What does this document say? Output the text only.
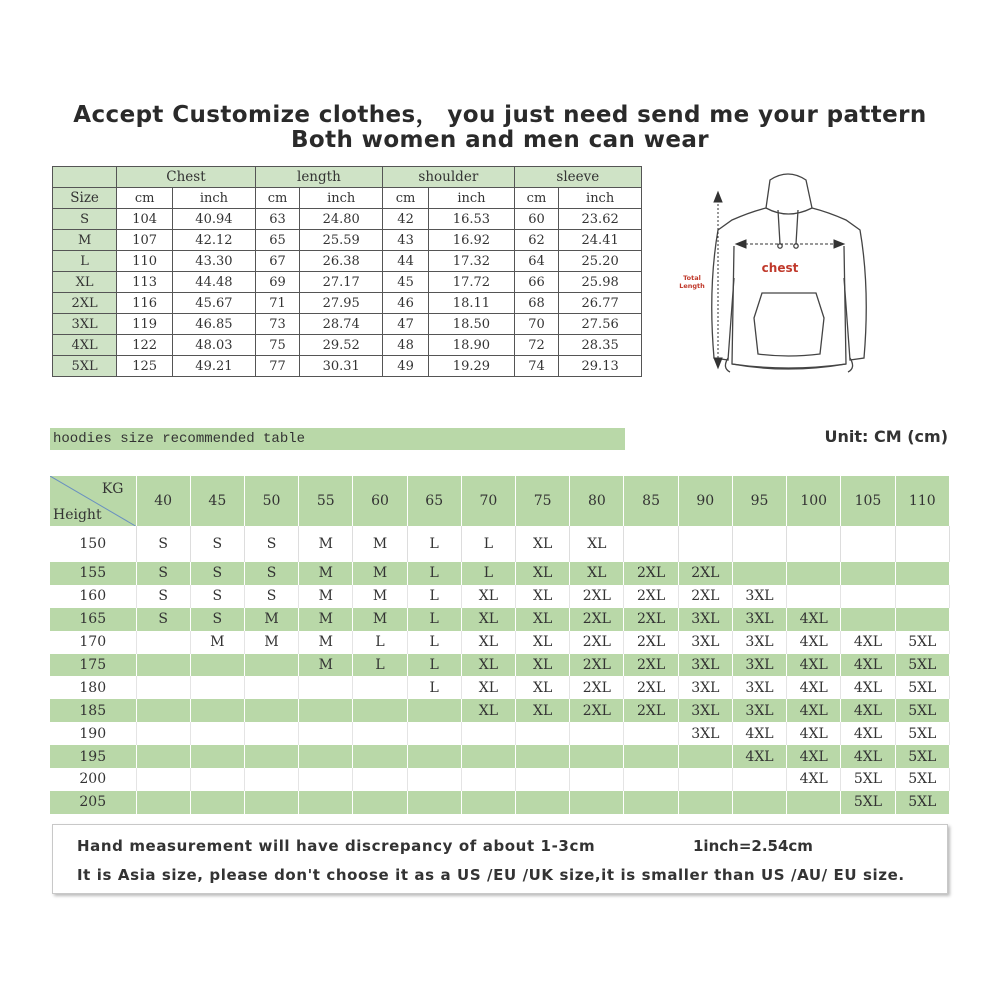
Accept Customize clothes， you just need send me your pattern
Both women and men can wear
	Chest		length		shoulder		sleeve	
Size	cm	inch	cm	inch	cm	inch	cm	inch
S	104	40.94	63	24.80	42	16.53	60	23.62
M	107	42.12	65	25.59	43	16.92	62	24.41
L	110	43.30	67	26.38	44	17.32	64	25.20
XL	113	44.48	69	27.17	45	17.72	66	25.98
2XL	116	45.67	71	27.95	46	18.11	68	26.77
3XL	119	46.85	73	28.74	47	18.50	70	27.56
4XL	122	48.03	75	29.52	48	18.90	72	28.35
5XL	125	49.21	77	30.31	49	19.29	74	29.13
chest
Total
Length
hoodies size recommended table	Unit: CM (cm)
KG
Height	40	45	50	55	60	65	70	75	80	85	90	95	100	105	110
150	S	S	S	M	M	L	L	XL	XL						
155	S	S	S	M	M	L	L	XL	XL	2XL	2XL				
160	S	S	S	M	M	L	XL	XL	2XL	2XL	2XL	3XL			
165	S	S	M	M	M	L	XL	XL	2XL	2XL	3XL	3XL	4XL		
170		M	M	M	L	L	XL	XL	2XL	2XL	3XL	3XL	4XL	4XL	5XL
175				M	L	L	XL	XL	2XL	2XL	3XL	3XL	4XL	4XL	5XL
180						L	XL	XL	2XL	2XL	3XL	3XL	4XL	4XL	5XL
185							XL	XL	2XL	2XL	3XL	3XL	4XL	4XL	5XL
190											3XL	4XL	4XL	4XL	5XL
195												4XL	4XL	4XL	5XL
200													4XL	5XL	5XL
205														5XL	5XL
Hand measurement will have discrepancy of about 1-3cm	1inch=2.54cm
It is Asia size, please don't choose it as a US /EU /UK size,it is smaller than US /AU/ EU size.
